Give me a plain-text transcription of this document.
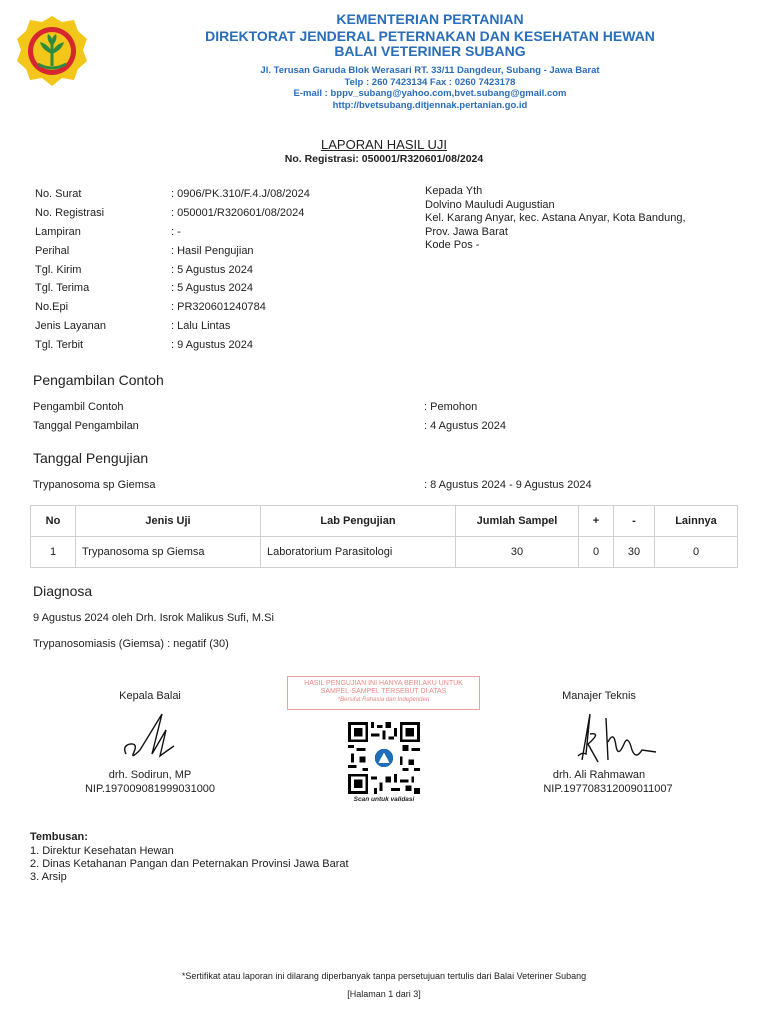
KEMENTERIAN PERTANIAN
DIREKTORAT JENDERAL PETERNAKAN DAN KESEHATAN HEWAN
BALAI VETERINER SUBANG
Jl. Terusan Garuda Blok Werasari RT. 33/11 Dangdeur, Subang - Jawa Barat
Telp : 260 7423134 Fax : 0260 7423178
E-mail : bppv_subang@yahoo.com,bvet.subang@gmail.com
http://bvetsubang.ditjennak.pertanian.go.id
LAPORAN HASIL UJI
No. Registrasi: 050001/R320601/08/2024
No. Surat	: 0906/PK.310/F.4.J/08/2024
No. Registrasi	: 050001/R320601/08/2024
Lampiran	: -
Perihal	: Hasil Pengujian
Tgl. Kirim	: 5 Agustus 2024
Tgl. Terima	: 5 Agustus 2024
No.Epi	: PR320601240784
Jenis Layanan	: Lalu Lintas
Tgl. Terbit	: 9 Agustus 2024
Kepada Yth
Dolvino Mauludi Augustian
Kel. Karang Anyar, kec. Astana Anyar, Kota Bandung,
Prov. Jawa Barat
Kode Pos -
Pengambilan Contoh
Pengambil Contoh	: Pemohon
Tanggal Pengambilan	: 4 Agustus 2024
Tanggal Pengujian
Trypanosoma sp Giemsa	: 8 Agustus 2024 - 9 Agustus 2024
No	Jenis Uji	Lab Pengujian	Jumlah Sampel	+	-	Lainnya
1	Trypanosoma sp Giemsa	Laboratorium Parasitologi	30	0	30	0
Diagnosa
9 Agustus 2024 oleh Drh. Isrok Malikus Sufi, M.Si
Trypanosomiasis (Giemsa) : negatif (30)
HASIL PENGUJIAN INI HANYA BERLAKU UNTUK
SAMPEL-SAMPEL TERSEBUT DI ATAS
*Bersifat Rahasia dan Independen
Kepala Balai
drh. Sodirun, MP
NIP.197009081999031000
Scan untuk validasi
Manajer Teknis
drh. Ali Rahmawan
NIP.197708312009011007
Tembusan:
1. Direktur Kesehatan Hewan
2. Dinas Ketahanan Pangan dan Peternakan Provinsi Jawa Barat
3. Arsip
*Sertifikat atau laporan ini dilarang diperbanyak tanpa persetujuan tertulis dari Balai Veteriner Subang
[Halaman 1 dari 3]
